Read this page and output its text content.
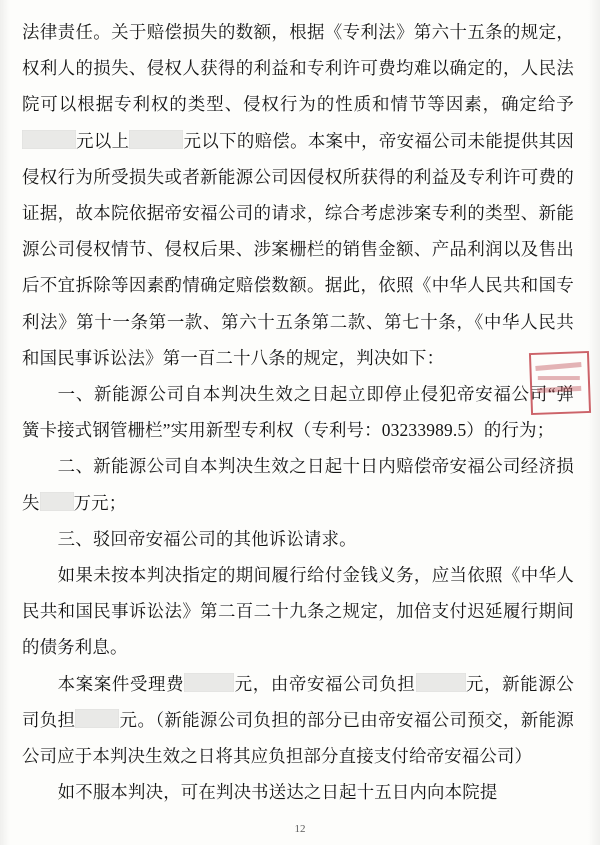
法律责任。关于赔偿损失的数额，根据《专利法》第六十五条的规定，权利人的损失、侵权人获得的利益和专利许可费均难以确定的，人民法院可以根据专利权的类型、侵权行为的性质和情节等因素，确定给予元以上	元以下的赔偿。本案中，帝安福公司未能提供其因侵权行为所受损失或者新能源公司因侵权所获得的利益及专利许可费的证据，故本院依据帝安福公司的请求，综合考虑涉案专利的类型、新能源公司侵权情节、侵权后果、涉案栅栏的销售金额、产品利润以及售出后不宜拆除等因素酌情确定赔偿数额。据此，依照《中华人民共和国专利法》第十一条第一款、第六十五条第二款、第七十条，《中华人民共和国民事诉讼法》第一百二十八条的规定，判决如下：
一、新能源公司自本判决生效之日起立即停止侵犯帝安福公司“弹簧卡接式钢管栅栏”实用新型专利权（专利号：03233989.5）的行为；
二、新能源公司自本判决生效之日起十日内赔偿帝安福公司经济损失 万元；
三、驳回帝安福公司的其他诉讼请求。
如果未按本判决指定的期间履行给付金钱义务，应当依照《中华人民共和国民事诉讼法》第二百二十九条之规定，加倍支付迟延履行期间的债务利息。
本案案件受理费	元，由帝安福公司负担	元，新能源公司负担	元。（新能源公司负担的部分已由帝安福公司预交，新能源公司应于本判决生效之日将其应负担部分直接支付给帝安福公司）
如不服本判决，可在判决书送达之日起十五日内向本院提
12
